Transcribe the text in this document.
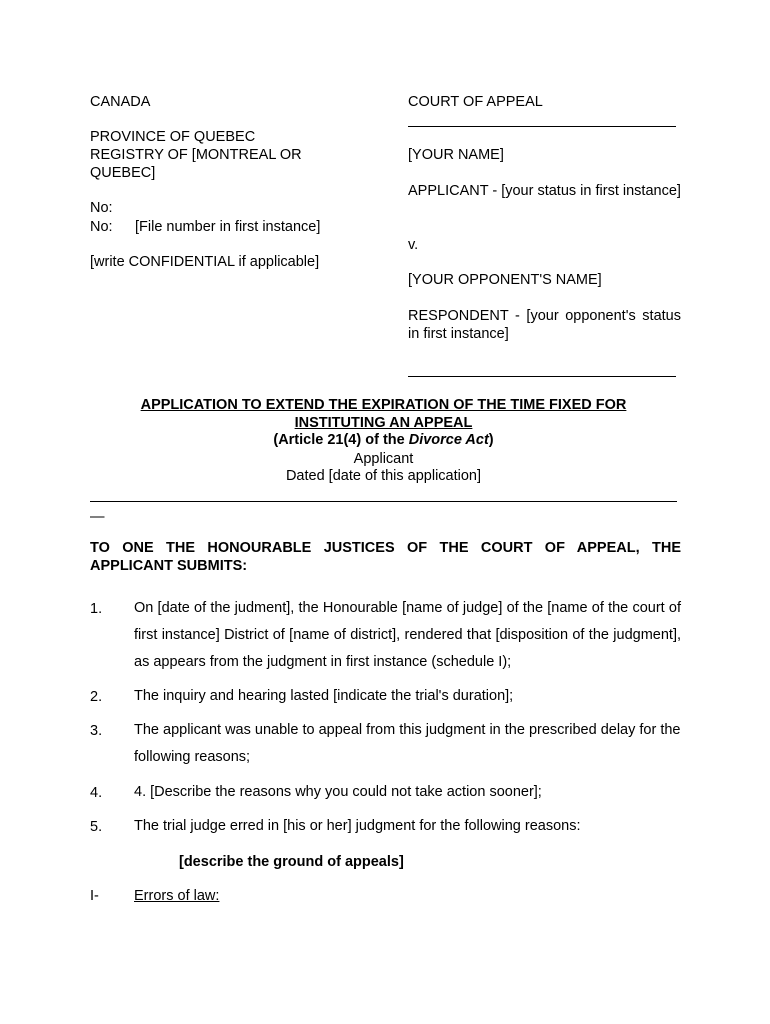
CANADA
PROVINCE OF QUEBEC
REGISTRY OF [MONTREAL OR QUEBEC]
No:
No:	[File number in first instance]
[write CONFIDENTIAL if applicable]
COURT OF APPEAL
[YOUR NAME]
APPLICANT - [your status in first instance]
v.
[YOUR OPPONENT'S NAME]
RESPONDENT - [your opponent's status in first instance]
APPLICATION TO EXTEND THE EXPIRATION OF THE TIME FIXED FOR
INSTITUTING AN APPEAL
(Article 21(4) of the Divorce Act)
Applicant
Dated [date of this application]
—
TO ONE THE HONOURABLE JUSTICES OF THE COURT OF APPEAL, THE APPLICANT SUBMITS:
1. On [date of the judment], the Honourable [name of judge] of the [name of the court of first instance] District of [name of district], rendered that [disposition of the judgment], as appears from the judgment in first instance (schedule I);
2. The inquiry and hearing lasted [indicate the trial's duration];
3. The applicant was unable to appeal from this judgment in the prescribed delay for the following reasons;
4. 4. [Describe the reasons why you could not take action sooner];
5. The trial judge erred in [his or her] judgment for the following reasons:
[describe the ground of appeals]
I- Errors of law:
